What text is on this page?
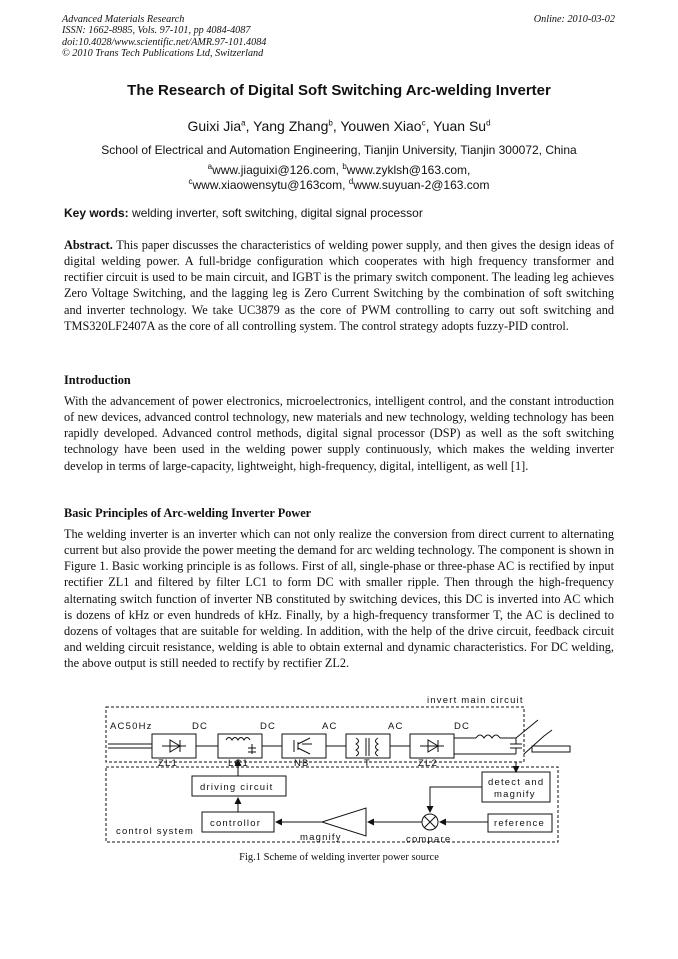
Advanced Materials Research
ISSN: 1662-8985, Vols. 97-101, pp 4084-4087
doi:10.4028/www.scientific.net/AMR.97-101.4084
© 2010 Trans Tech Publications Ltd, Switzerland
Online: 2010-03-02
The Research of Digital Soft Switching Arc-welding Inverter
Guixi Jia$^a$, Yang Zhang$^b$, Youwen Xiao$^c$, Yuan Su$^d$
School of Electrical and Automation Engineering, Tianjin University, Tianjin 300072, China
$^a$www.jiaguixi@126.com, $^b$www.zyklsh@163.com,
$^c$www.xiaowensytu@163com, $^d$www.suyuan-2@163.com
Key words: welding inverter, soft switching, digital signal processor
Abstract. This paper discusses the characteristics of welding power supply, and then gives the design ideas of digital welding power. A full-bridge configuration which cooperates with high frequency transformer and rectifier circuit is used to be main circuit, and IGBT is the primary switch component. The leading leg achieves Zero Voltage Switching, and the lagging leg is Zero Current Switching by the combination of soft switching and inverter technology. We take UC3879 as the core of PWM controlling to carry out soft switching and TMS320LF2407A as the core of all controlling system. The control strategy adopts fuzzy-PID control.
Introduction
With the advancement of power electronics, microelectronics, intelligent control, and the constant introduction of new devices, advanced control technology, new materials and new technology, welding technology has been rapidly developed. Advanced control methods, digital signal processor (DSP) as well as the soft switching technology have been used in the welding power supply continuously, which makes the welding inverter develop in terms of large-capacity, lightweight, high-frequency, digital, intelligent, as well [1].
Basic Principles of Arc-welding Inverter Power
The welding inverter is an inverter which can not only realize the conversion from direct current to alternating current but also provide the power meeting the demand for arc welding technology. The component is shown in Figure 1. Basic working principle is as follows. First of all, single-phase or three-phase AC is rectified by input rectifier ZL1 and filtered by filter LC1 to form DC with smaller ripple. Then through the high-frequency alternating switch function of inverter NB constituted by switching devices, this DC is inverted into AC which is dozens of kHz or even hundreds of kHz. Finally, by a high-frequency transformer T, the AC is declined to dozens of voltages that are suitable for welding. In addition, with the help of the drive circuit, feedback circuit and welding circuit resistance, welding is able to obtain external and dynamic characteristics. For DC welding, the above output is still needed to rectify by rectifier ZL2.
invert main circuit
AC50Hz	DC	DC	AC	AC	DC
ZL1	LC1	NB	T	ZL2
driving circuit	detect and
magnify
controllor
magnify	compare
reference
control system
Fig.1 Scheme of welding inverter power source
